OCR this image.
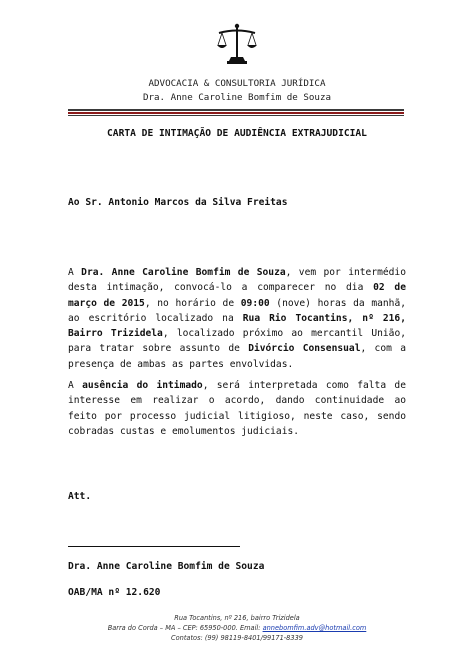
ADVOCACIA & CONSULTORIA JURÍDICA
Dra. Anne Caroline Bomfim de Souza
CARTA DE INTIMAÇÃO DE AUDIÊNCIA EXTRAJUDICIAL
Ao Sr. Antonio Marcos da Silva Freitas
A Dra. Anne Caroline Bomfim de Souza, vem por intermédio desta intimação, convocá-lo a comparecer no dia 02 de março de 2015, no horário de 09:00 (nove) horas da manhã, ao escritório localizado na Rua Rio Tocantins, nº 216, Bairro Trizidela, localizado próximo ao mercantil União, para tratar sobre assunto de Divórcio Consensual, com a presença de ambas as partes envolvidas.
A ausência do intimado, será interpretada como falta de interesse em realizar o acordo, dando continuidade ao feito por processo judicial litigioso, neste caso, sendo cobradas custas e emolumentos judiciais.
Att.
Dra. Anne Caroline Bomfim de Souza
OAB/MA nº 12.620
Rua Tocantins, nº 216, bairro Trizidela
Barra do Corda – MA – CEP: 65950-000. Email: annebomfim.adv@hotmail.com
Contatos: (99) 98119-8401/99171-8339
